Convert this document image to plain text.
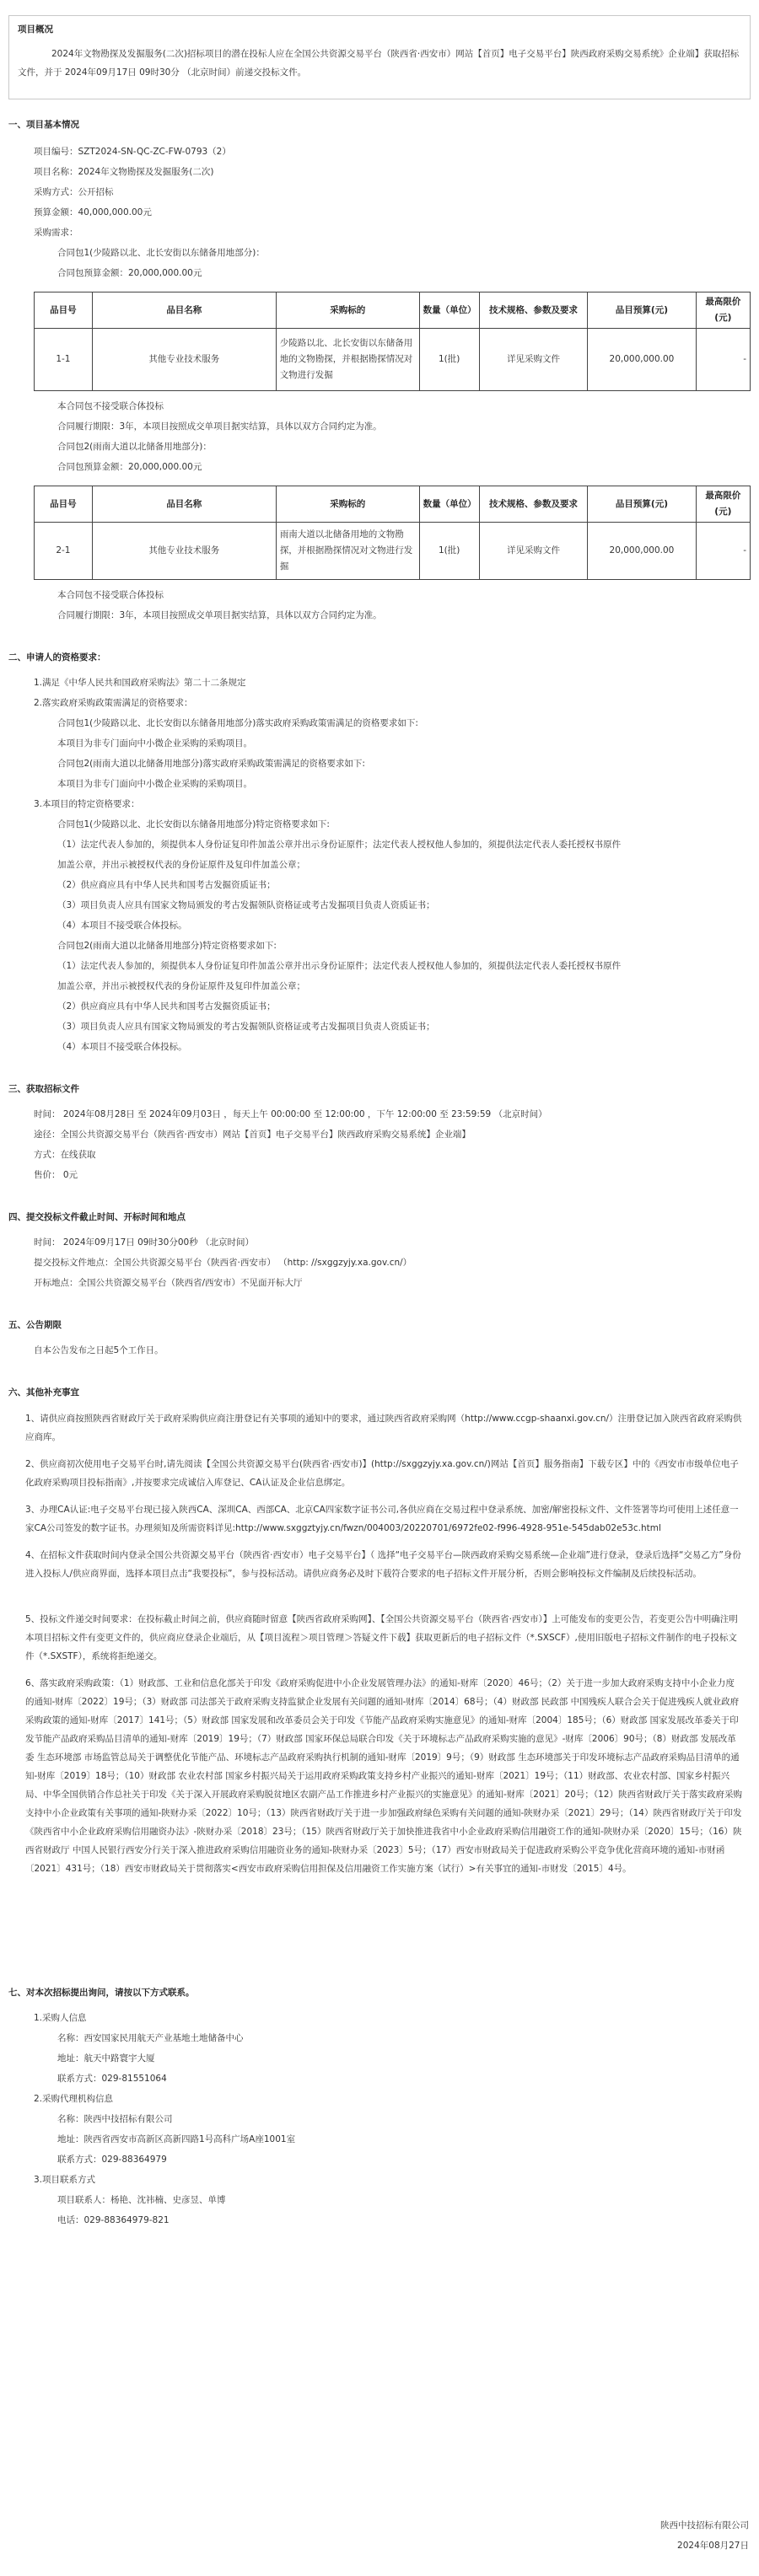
项目概况
2024年文物勘探及发掘服务(二次)招标项目的潜在投标人应在全国公共资源交易平台（陕西省·西安市）网站【首页】电子交易平台】陕西政府采购交易系统》企业端】获取招标文件，并于 2024年09月17日 09时30分 （北京时间）前递交投标文件。
一、项目基本情况
项目编号：SZT2024-SN-QC-ZC-FW-0793（2）
项目名称：2024年文物勘探及发掘服务(二次)
采购方式：公开招标
预算金额：40,000,000.00元
采购需求：
合同包1(少陵路以北、北长安街以东储备用地部分)：
合同包预算金额：20,000,000.00元
品目号	品目名称	采购标的	数量（单位）	技术规格、参数及要求	品目预算(元)	最高限价(元)
1-1	其他专业技术服务	少陵路以北、北长安街以东储备用地的文物勘探，并根据勘探情况对文物进行发掘	1(批)	详见采购文件	20,000,000.00	-
本合同包不接受联合体投标
合同履行期限：3年，本项目按照成交单项目据实结算，具体以双方合同约定为准。
合同包2(雨南大道以北储备用地部分)：
合同包预算金额：20,000,000.00元
品目号	品目名称	采购标的	数量（单位）	技术规格、参数及要求	品目预算(元)	最高限价(元)
2-1	其他专业技术服务	雨南大道以北储备用地的文物勘探，并根据勘探情况对文物进行发掘	1(批)	详见采购文件	20,000,000.00	-
本合同包不接受联合体投标
合同履行期限：3年，本项目按照成交单项目据实结算，具体以双方合同约定为准。
二、申请人的资格要求：
1.满足《中华人民共和国政府采购法》第二十二条规定
2.落实政府采购政策需满足的资格要求：
合同包1(少陵路以北、北长安街以东储备用地部分)落实政府采购政策需满足的资格要求如下:
本项目为非专门面向中小微企业采购的采购项目。
合同包2(雨南大道以北储备用地部分)落实政府采购政策需满足的资格要求如下:
本项目为非专门面向中小微企业采购的采购项目。
3.本项目的特定资格要求：
合同包1(少陵路以北、北长安街以东储备用地部分)特定资格要求如下:
（1）法定代表人参加的，须提供本人身份证复印件加盖公章并出示身份证原件；法定代表人授权他人参加的，须提供法定代表人委托授权书原件
加盖公章，并出示被授权代表的身份证原件及复印件加盖公章；
（2）供应商应具有中华人民共和国考古发掘资质证书；
（3）项目负责人应具有国家文物局颁发的考古发掘领队资格证或考古发掘项目负责人资质证书；
（4）本项目不接受联合体投标。
合同包2(雨南大道以北储备用地部分)特定资格要求如下:
（1）法定代表人参加的，须提供本人身份证复印件加盖公章并出示身份证原件；法定代表人授权他人参加的，须提供法定代表人委托授权书原件
加盖公章，并出示被授权代表的身份证原件及复印件加盖公章；
（2）供应商应具有中华人民共和国考古发掘资质证书；
（3）项目负责人应具有国家文物局颁发的考古发掘领队资格证或考古发掘项目负责人资质证书；
（4）本项目不接受联合体投标。
三、获取招标文件
时间： 2024年08月28日 至 2024年09月03日 ，每天上午 00:00:00 至 12:00:00 ，下午 12:00:00 至 23:59:59 （北京时间）
途径：全国公共资源交易平台（陕西省·西安市）网站【首页】电子交易平台】陕西政府采购交易系统】企业端】
方式：在线获取
售价： 0元
四、提交投标文件截止时间、开标时间和地点
时间： 2024年09月17日 09时30分00秒 （北京时间）
提交投标文件地点：全国公共资源交易平台（陕西省·西安市） （http: //sxggzyjy.xa.gov.cn/）
开标地点：全国公共资源交易平台（陕西省/西安市）不见面开标大厅
五、公告期限
自本公告发布之日起5个工作日。
六、其他补充事宜
1、请供应商按照陕西省财政厅关于政府采购供应商注册登记有关事项的通知中的要求，通过陕西省政府采购网（http://www.ccgp-shaanxi.gov.cn/）注册登记加入陕西省政府采购供应商库。
2、供应商初次使用电子交易平台时,请先阅读【全国公共资源交易平台(陕西省·西安市)】(http://sxggzyjy.xa.gov.cn/)网站【首页】服务指南】下载专区】中的《西安市市级单位电子化政府采购项目投标指南》,并按要求完成诚信入库登记、CA认证及企业信息绑定。
3、办理CA认证:电子交易平台现已接入陕西CA、深圳CA、西部CA、北京CA四家数字证书公司,各供应商在交易过程中登录系统、加密/解密投标文件、文件签署等均可使用上述任意一家CA公司签发的数字证书。办理须知及所需资料详见:http://www.sxggztyjy.cn/fwzn/004003/20220701/6972fe02-f996-4928-951e-545dab02e53c.html
4、在招标文件获取时间内登录全国公共资源交易平台（陕西省·西安市）电子交易平台】（ 选择“电子交易平台—陕西政府采购交易系统—企业端”进行登录，登录后选择“交易乙方”身份进入投标人/供应商界面，选择本项目点击“我要投标”，参与投标活动。请供应商务必及时下载符合要求的电子招标文件开展分析，否则会影响投标文件编制及后续投标活动。
5、投标文件递交时间要求：在投标截止时间之前，供应商随时留意【陕西省政府采购网】、【全国公共资源交易平台（陕西省·西安市）】上可能发布的变更公告，若变更公告中明确注明本项目招标文件有变更文件的，供应商应登录企业端后，从【项目流程＞项目管理＞答疑文件下载】获取更新后的电子招标文件（*.SXSCF）,使用旧版电子招标文件制作的电子投标文件（*.SXSTF），系统将拒绝递交。
6、落实政府采购政策：（1）财政部、工业和信息化部关于印发《政府采购促进中小企业发展管理办法》的通知-财库〔2020〕46号；（2）关于进一步加大政府采购支持中小企业力度的通知-财库〔2022〕19号；（3）财政部 司法部关于政府采购支持监狱企业发展有关问题的通知-财库〔2014〕68号；（4）财政部 民政部 中国残疾人联合会关于促进残疾人就业政府采购政策的通知-财库〔2017〕141号；（5）财政部 国家发展和改革委员会关于印发《节能产品政府采购实施意见》的通知-财库〔2004〕185号；（6）财政部 国家发展改革委关于印发节能产品政府采购品目清单的通知-财库〔2019〕19号；（7）财政部 国家环保总局联合印发《关于环境标志产品政府采购实施的意见》-财库〔2006〕90号；（8）财政部 发展改革委 生态环境部 市场监管总局关于调整优化节能产品、环境标志产品政府采购执行机制的通知-财库〔2019〕9号；（9）财政部 生态环境部关于印发环境标志产品政府采购品目清单的通知-财库〔2019〕18号；（10）财政部 农业农村部 国家乡村振兴局关于运用政府采购政策支持乡村产业振兴的通知-财库〔2021〕19号；（11）财政部、农业农村部、国家乡村振兴局、中华全国供销合作总社关于印发《关于深入开展政府采购脱贫地区农副产品工作推进乡村产业振兴的实施意见》的通知-财库〔2021〕20号；（12）陕西省财政厅关于落实政府采购支持中小企业政策有关事项的通知-陕财办采〔2022〕10号；（13）陕西省财政厅关于进一步加强政府绿色采购有关问题的通知-陕财办采〔2021〕29号；（14）陕西省财政厅关于印发《陕西省中小企业政府采购信用融资办法》-陕财办采〔2018〕23号；（15）陕西省财政厅关于加快推进我省中小企业政府采购信用融资工作的通知-陕财办采〔2020〕15号；（16）陕西省财政厅 中国人民银行西安分行关于深入推进政府采购信用融资业务的通知-陕财办采〔2023〕5号；（17）西安市财政局关于促进政府采购公平竞争优化营商环境的通知-市财函〔2021〕431号；（18）西安市财政局关于贯彻落实<西安市政府采购信用担保及信用融资工作实施方案（试行）>有关事宜的通知-市财发〔2015〕4号。
七、对本次招标提出询问，请按以下方式联系。
1.采购人信息
名称：西安国家民用航天产业基地土地储备中心
地址：航天中路寰宇大厦
联系方式：029-81551064
2.采购代理机构信息
名称：陕西中技招标有限公司
地址：陕西省西安市高新区高新四路1号高科广场A座1001室
联系方式：029-88364979
3.项目联系方式
项目联系人：杨艳、沈祎楠、史彦昱、单博
电话：029-88364979-821
陕西中技招标有限公司
2024年08月27日
